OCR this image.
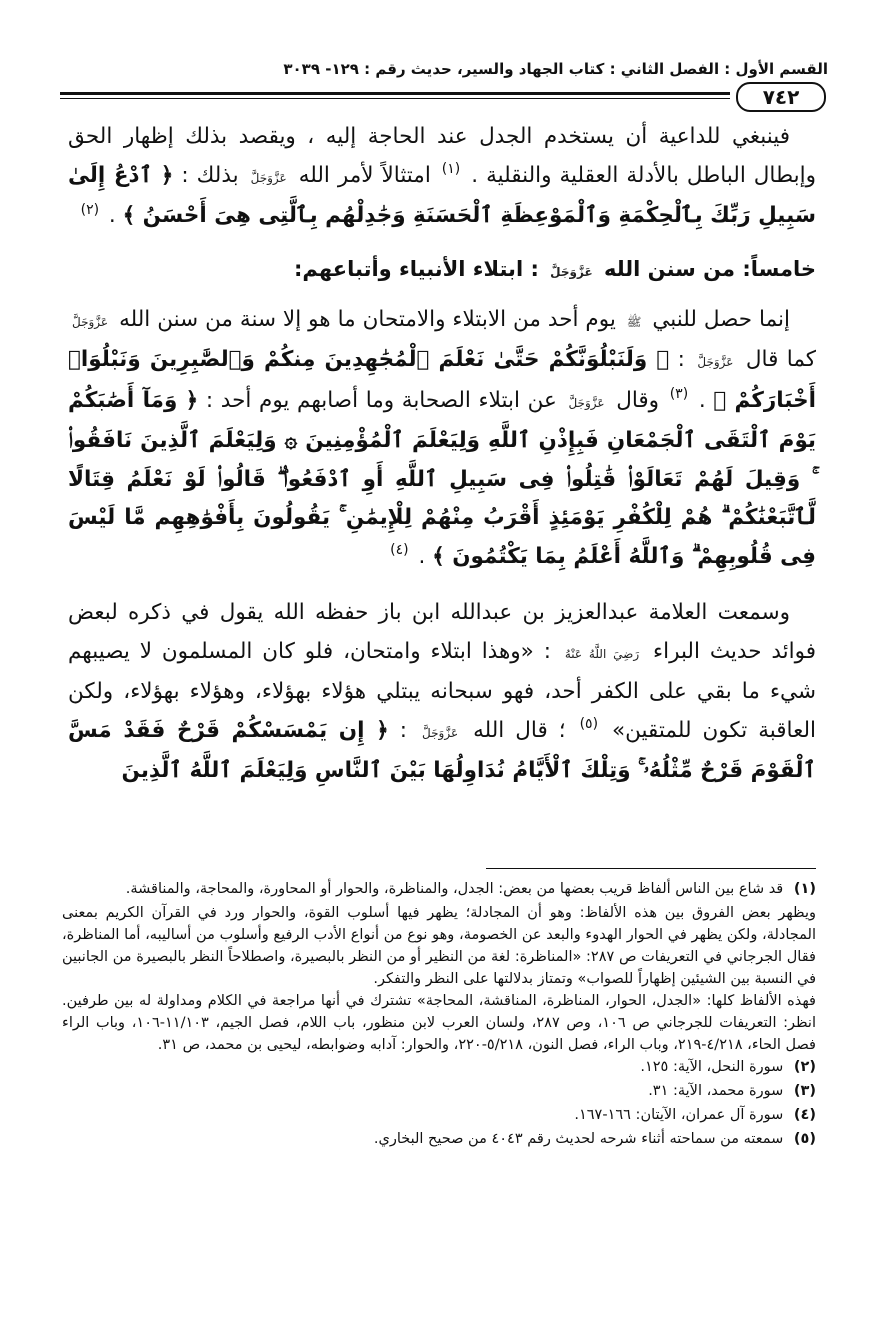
القسم الأول : الفصل الثاني : كتاب الجهاد والسير، حديث رقم : ١٢٩- ٣٠٣٩
٧٤٢

فينبغي للداعية أن يستخدم الجدل عند الحاجة إليه ، ويقصد بذلك إظهار الحق وإبطال الباطل بالأدلة العقلية والنقلية . $^{(١)}$ امتثالاً لأمر الله عَزَّوَجَلَّ بذلك : ﴿ ٱدْعُ إِلَىٰ سَبِيلِ رَبِّكَ بِٱلْحِكْمَةِ وَٱلْمَوْعِظَةِ ٱلْحَسَنَةِ وَجَٰدِلْهُم بِٱلَّتِى هِىَ أَحْسَنُ ﴾ . $^{(٢)}$

خامساً: من سنن الله عَزَّوَجَلَّ : ابتلاء الأنبياء وأتباعهم:

إنما حصل للنبي ﷺ يوم أحد من الابتلاء والامتحان ما هو إلا سنة من سنن الله عَزَّوَجَلَّ كما قال عَزَّوَجَلَّ : ﴿ وَلَنَبْلُوَنَّكُمْ حَتَّىٰ نَعْلَمَ ٱلْمُجَٰهِدِينَ مِنكُمْ وَٱلصَّٰبِرِينَ وَنَبْلُوَا۟ أَخْبَارَكُمْ ﴾ . $^{(٣)}$ وقال عَزَّوَجَلَّ عن ابتلاء الصحابة وما أصابهم يوم أحد : ﴿ وَمَآ أَصَٰبَكُمْ يَوْمَ ٱلْتَقَى ٱلْجَمْعَانِ فَبِإِذْنِ ٱللَّهِ وَلِيَعْلَمَ ٱلْمُؤْمِنِينَ ۞ وَلِيَعْلَمَ ٱلَّذِينَ نَافَقُوا۟ ۚ وَقِيلَ لَهُمْ تَعَالَوْا۟ قَٰتِلُوا۟ فِى سَبِيلِ ٱللَّهِ أَوِ ٱدْفَعُوا۟ ۖ قَالُوا۟ لَوْ نَعْلَمُ قِتَالًا لَّٱتَّبَعْنَٰكُمْ ۗ هُمْ لِلْكُفْرِ يَوْمَئِذٍ أَقْرَبُ مِنْهُمْ لِلْإِيمَٰنِ ۚ يَقُولُونَ بِأَفْوَٰهِهِم مَّا لَيْسَ فِى قُلُوبِهِمْ ۗ وَٱللَّهُ أَعْلَمُ بِمَا يَكْتُمُونَ ﴾ . $^{(٤)}$

وسمعت العلامة عبدالعزيز بن عبدالله ابن باز حفظه الله يقول في ذكره لبعض فوائد حديث البراء رَضِيَ اللَّهُ عَنْهُ : «وهذا ابتلاء وامتحان، فلو كان المسلمون لا يصيبهم شيء ما بقي على الكفر أحد، فهو سبحانه يبتلي هؤلاء بهؤلاء، وهؤلاء بهؤلاء، ولكن العاقبة تكون للمتقين» $^{(٥)}$ ؛ قال الله عَزَّوَجَلَّ : ﴿ إِن يَمْسَسْكُمْ قَرْحٌ فَقَدْ مَسَّ ٱلْقَوْمَ قَرْحٌ مِّثْلُهُۥ ۚ وَتِلْكَ ٱلْأَيَّامُ نُدَاوِلُهَا بَيْنَ ٱلنَّاسِ وَلِيَعْلَمَ ٱللَّهُ ٱلَّذِينَ

(١) قد شاع بين الناس ألفاظ قريب بعضها من بعض: الجدل، والمناظرة، والحوار أو المحاورة، والمحاجة، والمناقشة.

ويظهر بعض الفروق بين هذه الألفاظ: وهو أن المجادلة؛ يظهر فيها أسلوب القوة، والحوار ورد في القرآن الكريم بمعنى المجادلة، ولكن يظهر في الحوار الهدوء والبعد عن الخصومة، وهو نوع من أنواع الأدب الرفيع وأسلوب من أساليبه، أما المناظرة، فقال الجرجاني في التعريفات ص ٢٨٧: «المناظرة: لغة من النظير أو من النظر بالبصيرة، واصطلاحاً النظر بالبصيرة من الجانبين في النسبة بين الشيئين إظهاراً للصواب» وتمتاز بدلالتها على النظر والتفكر.

فهذه الألفاظ كلها: «الجدل، الحوار، المناظرة، المناقشة، المحاجة» تشترك في أنها مراجعة في الكلام ومداولة له بين طرفين. انظر: التعريفات للجرجاني ص ١٠٦، وص ٢٨٧، ولسان العرب لابن منظور، باب اللام، فصل الجيم، ١١/١٠٣-١٠٦، وباب الراء فصل الحاء، ٤/٢١٨-٢١٩، وباب الراء، فصل النون، ٥/٢١٨-٢٢٠، والحوار: آدابه وضوابطه، ليحيى بن محمد، ص ٣١.

(٢) سورة النحل، الآية: ١٢٥.

(٣) سورة محمد، الآية: ٣١.

(٤) سورة آل عمران، الآيتان: ١٦٦-١٦٧.

(٥) سمعته من سماحته أثناء شرحه لحديث رقم ٤٠٤٣ من صحيح البخاري.
